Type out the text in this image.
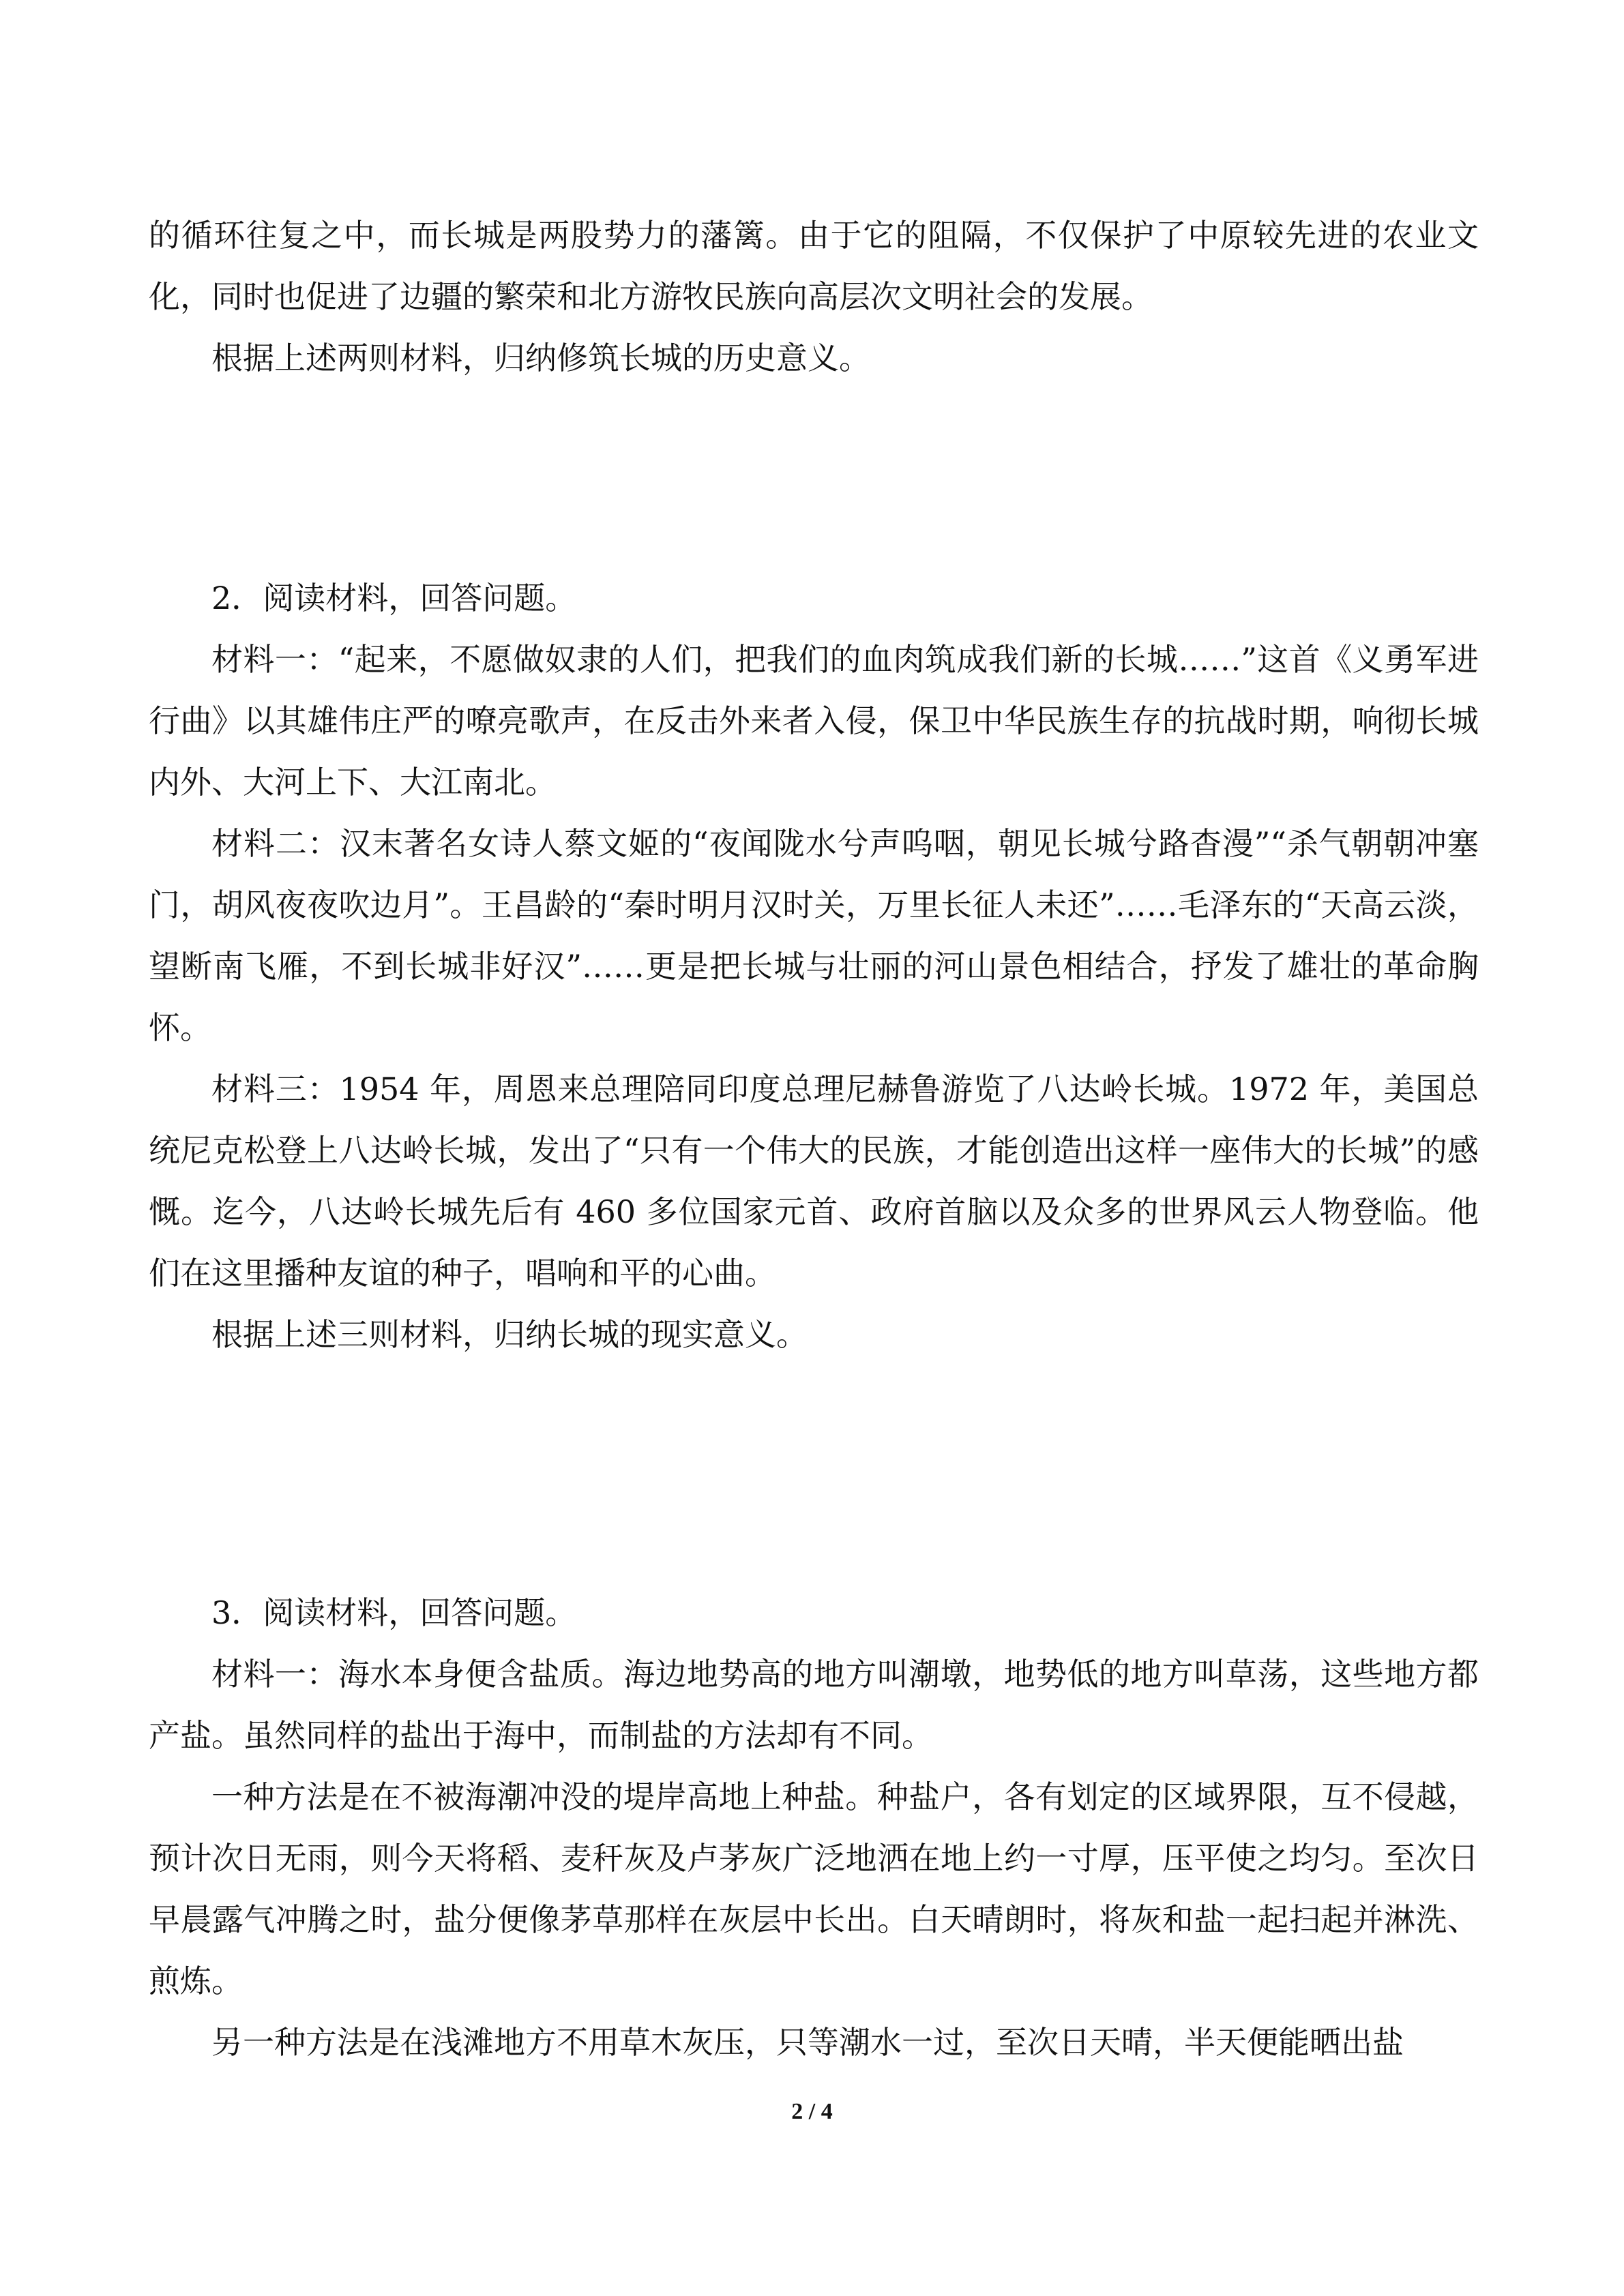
的循环往复之中，而长城是两股势力的藩篱。由于它的阻隔，不仅保护了中原较先进的农业文化，同时也促进了边疆的繁荣和北方游牧民族向高层次文明社会的发展。

根据上述两则材料，归纳修筑长城的历史意义。

2．阅读材料，回答问题。

材料一：“起来，不愿做奴隶的人们，把我们的血肉筑成我们新的长城……”这首《义勇军进行曲》以其雄伟庄严的嘹亮歌声，在反击外来者入侵，保卫中华民族生存的抗战时期，响彻长城内外、大河上下、大江南北。

材料二：汉末著名女诗人蔡文姬的“夜闻陇水兮声呜咽，朝见长城兮路杳漫”“杀气朝朝冲塞门，胡风夜夜吹边月”。王昌龄的“秦时明月汉时关，万里长征人未还”……毛泽东的“天高云淡，望断南飞雁，不到长城非好汉”……更是把长城与壮丽的河山景色相结合，抒发了雄壮的革命胸怀。

材料三：1954 年，周恩来总理陪同印度总理尼赫鲁游览了八达岭长城。1972 年，美国总统尼克松登上八达岭长城，发出了“只有一个伟大的民族，才能创造出这样一座伟大的长城”的感慨。迄今，八达岭长城先后有 460 多位国家元首、政府首脑以及众多的世界风云人物登临。他们在这里播种友谊的种子，唱响和平的心曲。

根据上述三则材料，归纳长城的现实意义。

3．阅读材料，回答问题。

材料一：海水本身便含盐质。海边地势高的地方叫潮墩，地势低的地方叫草荡，这些地方都产盐。虽然同样的盐出于海中，而制盐的方法却有不同。

一种方法是在不被海潮冲没的堤岸高地上种盐。种盐户，各有划定的区域界限，互不侵越，预计次日无雨，则今天将稻、麦秆灰及卢茅灰广泛地洒在地上约一寸厚，压平使之均匀。至次日早晨露气冲腾之时，盐分便像茅草那样在灰层中长出。白天晴朗时，将灰和盐一起扫起并淋洗、煎炼。

另一种方法是在浅滩地方不用草木灰压，只等潮水一过，至次日天晴，半天便能晒出盐

2 / 4
